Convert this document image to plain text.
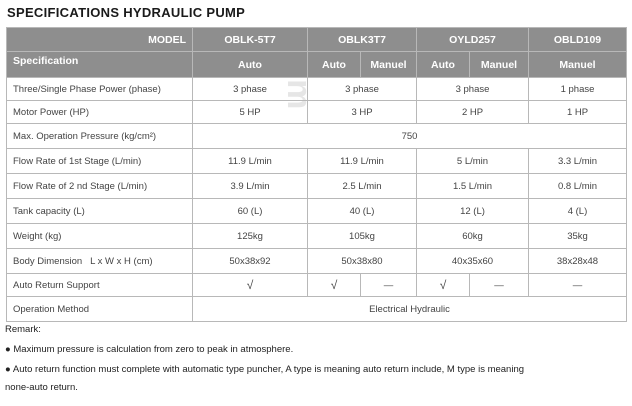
SPECIFICATIONS HYDRAULIC PUMP
MODEL	OBLK-5T7	OBLK3T7		OYLD257		OBLD109
Specification	Auto	Auto	Manuel	Auto	Manuel	Manuel
Three/Single Phase Power (phase)	3 phase	3 phase		3 phase		1 phase
Motor Power (HP)	5 HP	3 HP		2 HP		1 HP
Max. Operation Pressure (kg/cm²)	750					
Flow Rate of 1st Stage (L/min)	11.9 L/min	11.9 L/min		5 L/min		3.3 L/min
Flow Rate of 2 nd Stage (L/min)	3.9 L/min	2.5 L/min		1.5 L/min		0.8 L/min
Tank capacity (L)	60 (L)	40 (L)		12 (L)		4 (L)
Weight (kg)	125kg	105kg		60kg		35kg
Body Dimension   L x W x H (cm)	50x38x92	50x38x80		40x35x60		38x28x48
Auto Return Support	√	√	—	√	—	—
Operation Method	Electrical Hydraulic					
Remark:
● Maximum pressure is calculation from zero to peak in atmosphere.
● Auto return function must complete with automatic type puncher, A type is meaning auto return include, M type is meaning
none-auto return.
